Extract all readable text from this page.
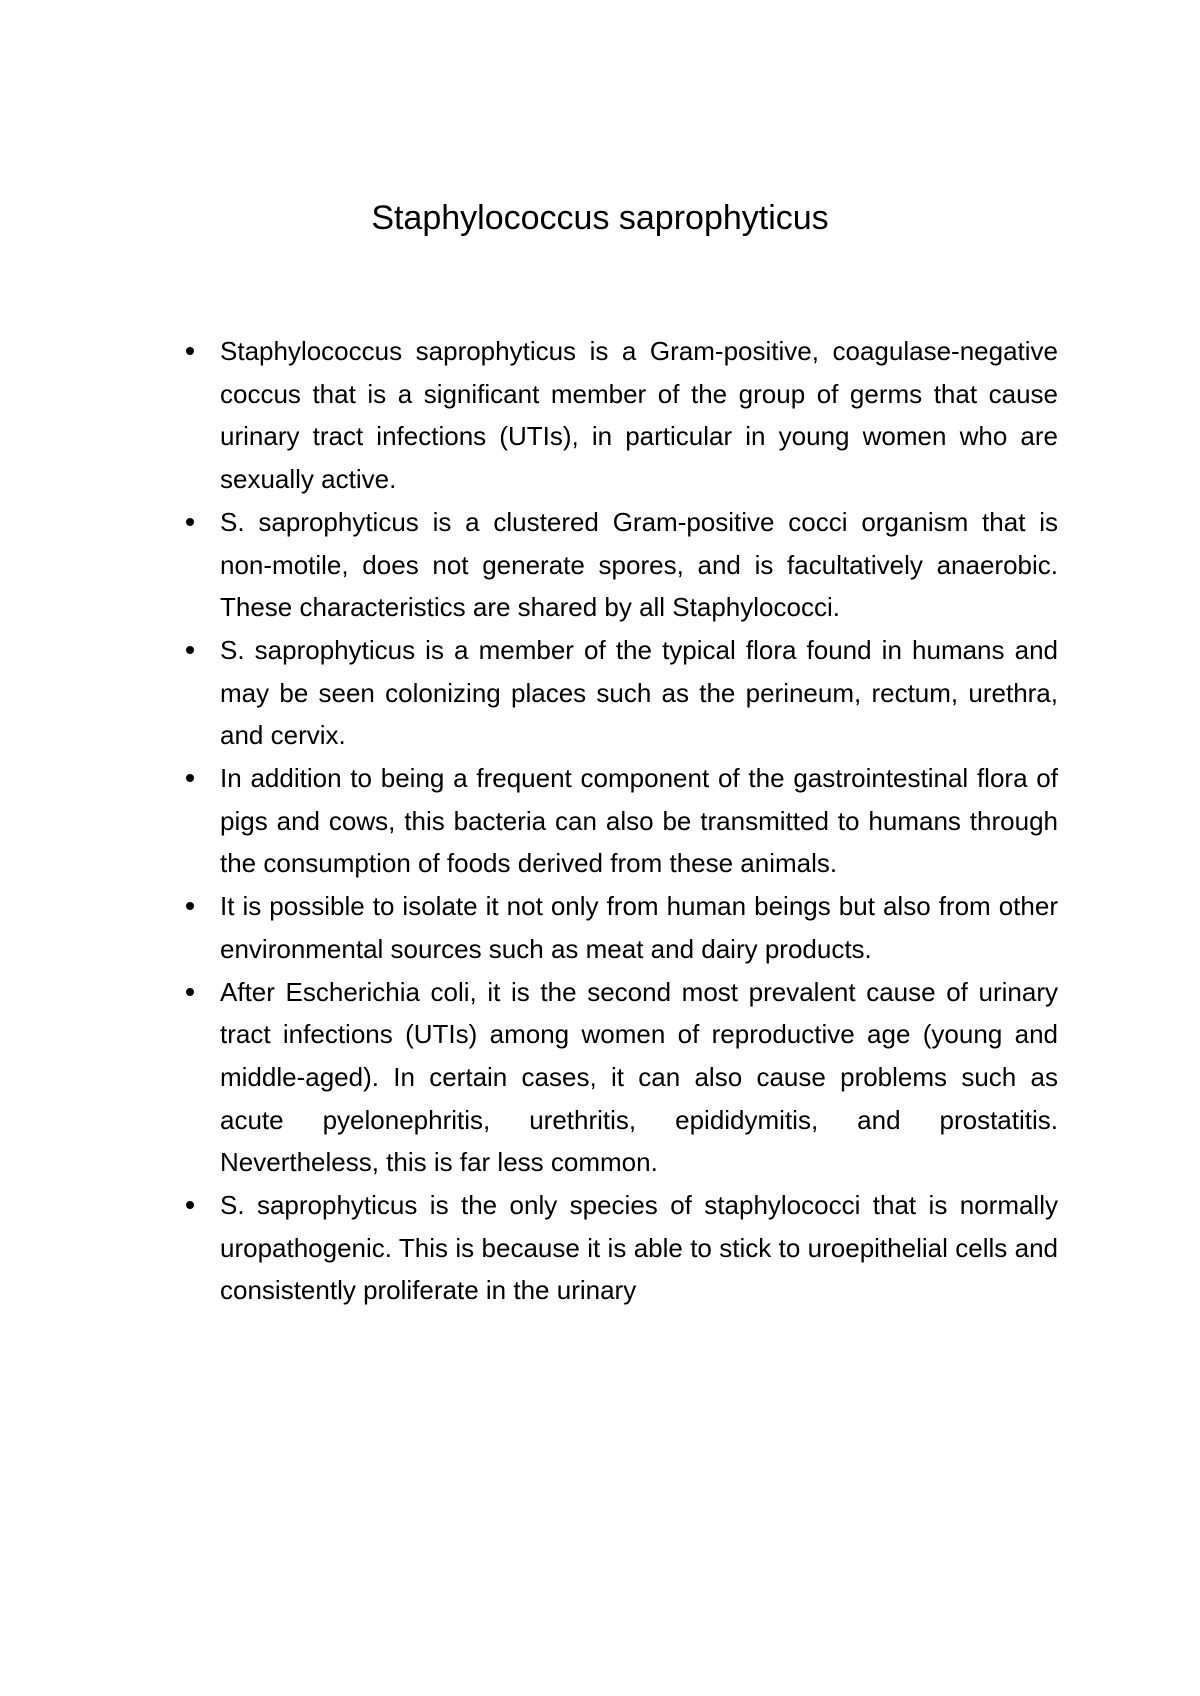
Staphylococcus saprophyticus
Staphylococcus saprophyticus is a Gram-positive, coagulase-negative coccus that is a significant member of the group of germs that cause urinary tract infections (UTIs), in particular in young women who are sexually active.
S. saprophyticus is a clustered Gram-positive cocci organism that is non-motile, does not generate spores, and is facultatively anaerobic. These characteristics are shared by all Staphylococci.
S. saprophyticus is a member of the typical flora found in humans and may be seen colonizing places such as the perineum, rectum, urethra, and cervix.
In addition to being a frequent component of the gastrointestinal flora of pigs and cows, this bacteria can also be transmitted to humans through the consumption of foods derived from these animals.
It is possible to isolate it not only from human beings but also from other environmental sources such as meat and dairy products.
After Escherichia coli, it is the second most prevalent cause of urinary tract infections (UTIs) among women of reproductive age (young and middle-aged). In certain cases, it can also cause problems such as acute pyelonephritis, urethritis, epididymitis, and prostatitis. Nevertheless, this is far less common.
S. saprophyticus is the only species of staphylococci that is normally uropathogenic. This is because it is able to stick to uroepithelial cells and consistently proliferate in the urinary
